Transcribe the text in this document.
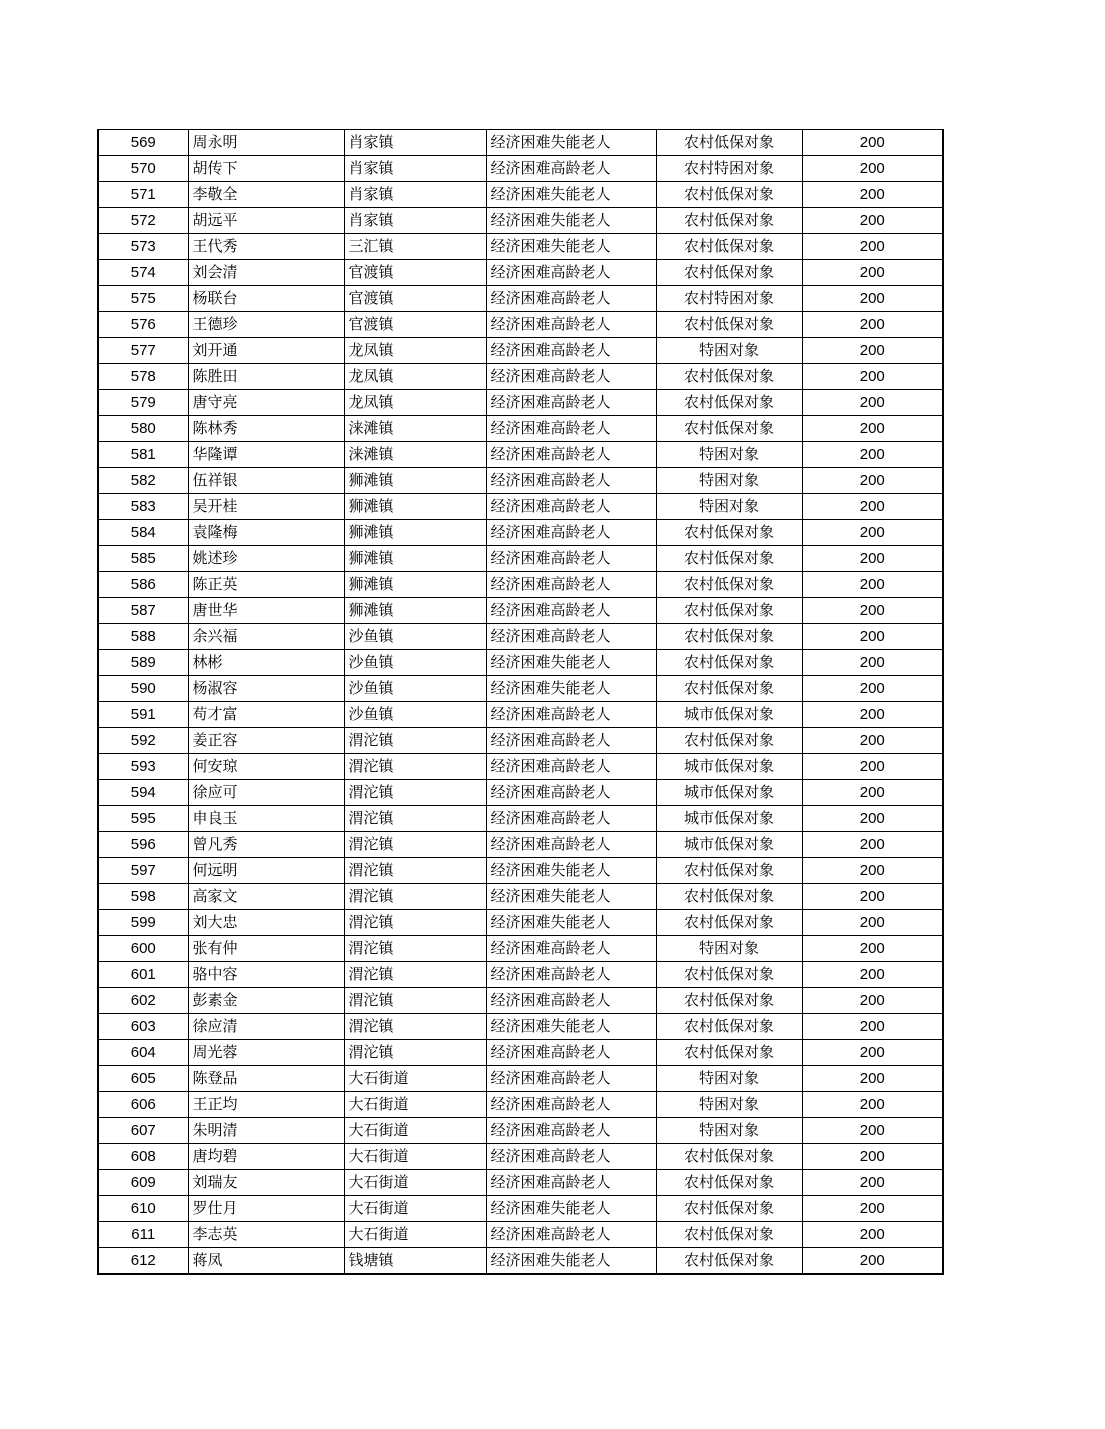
569	周永明	肖家镇	经济困难失能老人	农村低保对象	200
570	胡传下	肖家镇	经济困难高龄老人	农村特困对象	200
571	李敬全	肖家镇	经济困难失能老人	农村低保对象	200
572	胡远平	肖家镇	经济困难失能老人	农村低保对象	200
573	王代秀	三汇镇	经济困难失能老人	农村低保对象	200
574	刘会清	官渡镇	经济困难高龄老人	农村低保对象	200
575	杨联台	官渡镇	经济困难高龄老人	农村特困对象	200
576	王德珍	官渡镇	经济困难高龄老人	农村低保对象	200
577	刘开通	龙凤镇	经济困难高龄老人	特困对象	200
578	陈胜田	龙凤镇	经济困难高龄老人	农村低保对象	200
579	唐守亮	龙凤镇	经济困难高龄老人	农村低保对象	200
580	陈林秀	涞滩镇	经济困难高龄老人	农村低保对象	200
581	华隆谭	涞滩镇	经济困难高龄老人	特困对象	200
582	伍祥银	狮滩镇	经济困难高龄老人	特困对象	200
583	吴开桂	狮滩镇	经济困难高龄老人	特困对象	200
584	袁隆梅	狮滩镇	经济困难高龄老人	农村低保对象	200
585	姚述珍	狮滩镇	经济困难高龄老人	农村低保对象	200
586	陈正英	狮滩镇	经济困难高龄老人	农村低保对象	200
587	唐世华	狮滩镇	经济困难高龄老人	农村低保对象	200
588	余兴福	沙鱼镇	经济困难高龄老人	农村低保对象	200
589	林彬	沙鱼镇	经济困难失能老人	农村低保对象	200
590	杨淑容	沙鱼镇	经济困难失能老人	农村低保对象	200
591	苟才富	沙鱼镇	经济困难高龄老人	城市低保对象	200
592	姜正容	渭沱镇	经济困难高龄老人	农村低保对象	200
593	何安琼	渭沱镇	经济困难高龄老人	城市低保对象	200
594	徐应可	渭沱镇	经济困难高龄老人	城市低保对象	200
595	申良玉	渭沱镇	经济困难高龄老人	城市低保对象	200
596	曾凡秀	渭沱镇	经济困难高龄老人	城市低保对象	200
597	何远明	渭沱镇	经济困难失能老人	农村低保对象	200
598	高家文	渭沱镇	经济困难失能老人	农村低保对象	200
599	刘大忠	渭沱镇	经济困难失能老人	农村低保对象	200
600	张有仲	渭沱镇	经济困难高龄老人	特困对象	200
601	骆中容	渭沱镇	经济困难高龄老人	农村低保对象	200
602	彭素金	渭沱镇	经济困难高龄老人	农村低保对象	200
603	徐应清	渭沱镇	经济困难失能老人	农村低保对象	200
604	周光蓉	渭沱镇	经济困难高龄老人	农村低保对象	200
605	陈登品	大石街道	经济困难高龄老人	特困对象	200
606	王正均	大石街道	经济困难高龄老人	特困对象	200
607	朱明清	大石街道	经济困难高龄老人	特困对象	200
608	唐均碧	大石街道	经济困难高龄老人	农村低保对象	200
609	刘瑞友	大石街道	经济困难高龄老人	农村低保对象	200
610	罗仕月	大石街道	经济困难失能老人	农村低保对象	200
611	李志英	大石街道	经济困难高龄老人	农村低保对象	200
612	蒋凤	钱塘镇	经济困难失能老人	农村低保对象	200
